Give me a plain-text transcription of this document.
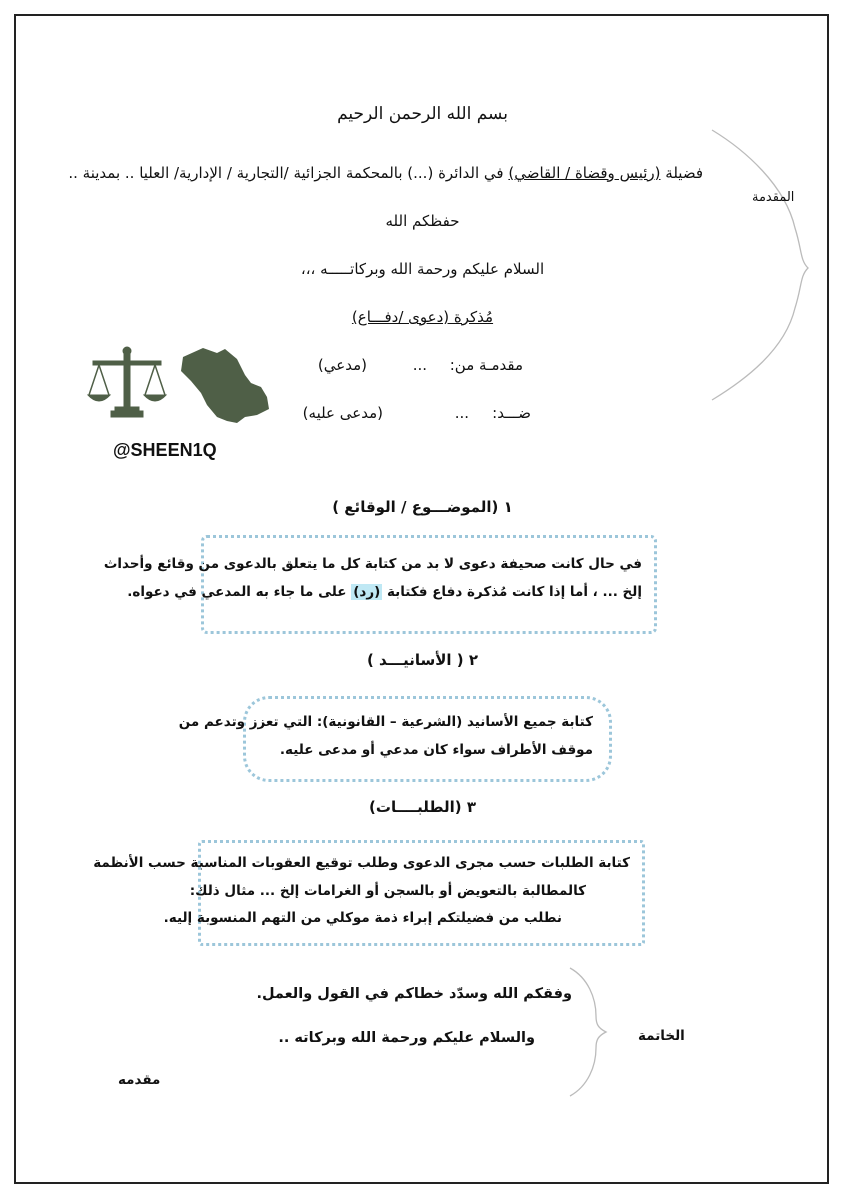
بسم الله الرحمن الرحيم
فضيلة (رئيس وقضاة / القاضي) في الدائرة (...) بالمحكمة الجزائية /التجارية / الإدارية/ العليا .. بمدينة ..
حفظكم الله
السلام عليكم ورحمة الله وبركاتـــــه ،،،
مُذكرة (دعوى /دفـــاع)
مقدمـة من:
...
(مدعي)
ضـــد:
...
(مدعى عليه)
المقدمة
@SHEEN1Q
١ (الموضـــوع / الوقائع )
في حال كانت صحيفة دعوى لا بد من كتابة كل ما يتعلق بالدعوى من وقائع وأحداث
إلخ ... ، أما إذا كانت مُذكرة دفاع فكتابة (رد) على ما جاء به المدعي في دعواه.
٢ ( الأسانيـــد )
كتابة جميع الأسانيد (الشرعية – القانونية): التي تعزز وتدعم من
موقف الأطراف سواء كان مدعي أو مدعى عليه.
٣ (الطلبــــات)
كتابة الطلبات حسب مجرى الدعوى وطلب توقيع العقوبات المناسبة حسب الأنظمة
كالمطالبة بالتعويض أو بالسجن أو الغرامات إلخ ... مثال ذلك:
نطلب من فضيلتكم إبراء ذمة موكلي من التهم المنسوبة إليه.
وفقكم الله وسدّد خطاكم في القول والعمل.
والسلام عليكم ورحمة الله وبركاته ..	الخاتمة
مقدمه
